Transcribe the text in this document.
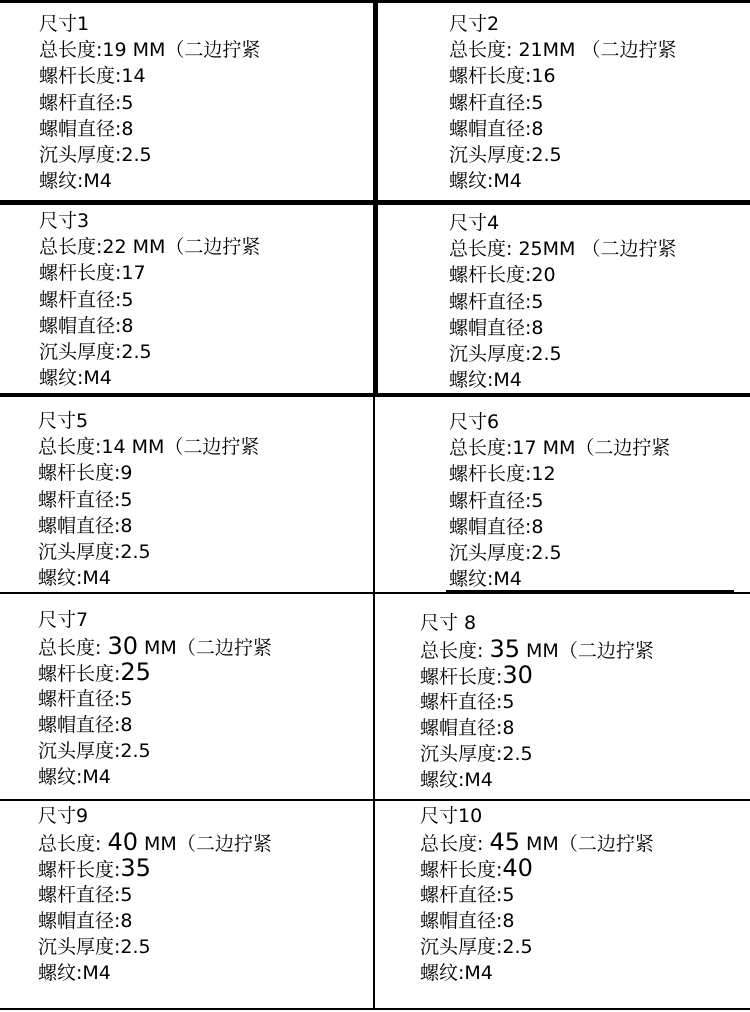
尺寸1
总长度:19 MM（二边拧紧
螺杆长度:14
螺杆直径:5
螺帽直径:8
沉头厚度:2.5
螺纹:M4
尺寸2
总长度: 21MM （二边拧紧
螺杆长度:16
螺杆直径:5
螺帽直径:8
沉头厚度:2.5
螺纹:M4
尺寸3
总长度:22 MM（二边拧紧
螺杆长度:17
螺杆直径:5
螺帽直径:8
沉头厚度:2.5
螺纹:M4
尺寸4
总长度: 25MM （二边拧紧
螺杆长度:20
螺杆直径:5
螺帽直径:8
沉头厚度:2.5
螺纹:M4
尺寸5
总长度:14 MM（二边拧紧
螺杆长度:9
螺杆直径:5
螺帽直径:8
沉头厚度:2.5
螺纹:M4
尺寸6
总长度:17 MM（二边拧紧
螺杆长度:12
螺杆直径:5
螺帽直径:8
沉头厚度:2.5
螺纹:M4
尺寸7
总长度: 30 MM（二边拧紧
螺杆长度:25
螺杆直径:5
螺帽直径:8
沉头厚度:2.5
螺纹:M4
尺寸 8
总长度: 35 MM（二边拧紧
螺杆长度:30
螺杆直径:5
螺帽直径:8
沉头厚度:2.5
螺纹:M4
尺寸9
总长度: 40 MM（二边拧紧
螺杆长度:35
螺杆直径:5
螺帽直径:8
沉头厚度:2.5
螺纹:M4
尺寸10
总长度: 45 MM（二边拧紧
螺杆长度:40
螺杆直径:5
螺帽直径:8
沉头厚度:2.5
螺纹:M4
